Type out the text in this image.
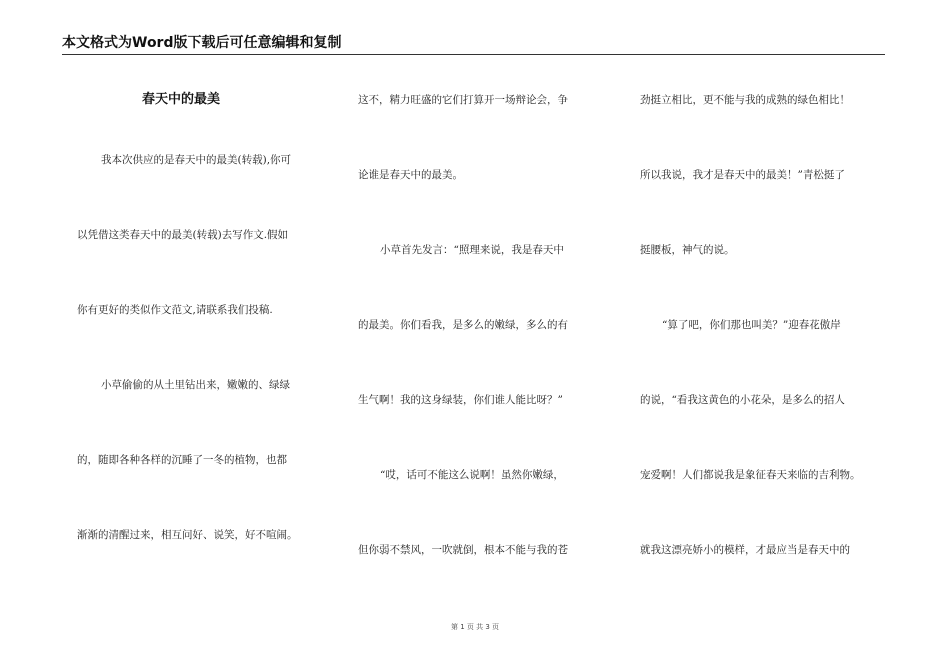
本文格式为Word版下载后可任意编辑和复制
春天中的最美
我本次供应的是春天中的最美(转载),你可
以凭借这类春天中的最美(转载)去写作文.假如
你有更好的类似作文范文,请联系我们投稿.
小草偷偷的从土里钻出来，嫩嫩的、绿绿
的，随即各种各样的沉睡了一冬的植物，也都
渐渐的清醒过来，相互问好、说笑，好不喧闹。
这不，精力旺盛的它们打算开一场辩论会，争
论谁是春天中的最美。
小草首先发言：“照理来说，我是春天中
的最美。你们看我，是多么的嫩绿，多么的有
生气啊！我的这身绿装，你们谁人能比呀？”
“哎，话可不能这么说啊！虽然你嫩绿，
但你弱不禁风，一吹就倒，根本不能与我的苍
劲挺立相比，更不能与我的成熟的绿色相比！
所以我说，我才是春天中的最美！”青松挺了
挺腰板，神气的说。
“算了吧，你们那也叫美？”迎春花傲岸
的说，“看我这黄色的小花朵，是多么的招人
宠爱啊！人们都说我是象征春天来临的吉利物。
就我这漂亮娇小的模样，才最应当是春天中的
第 1 页 共 3 页
